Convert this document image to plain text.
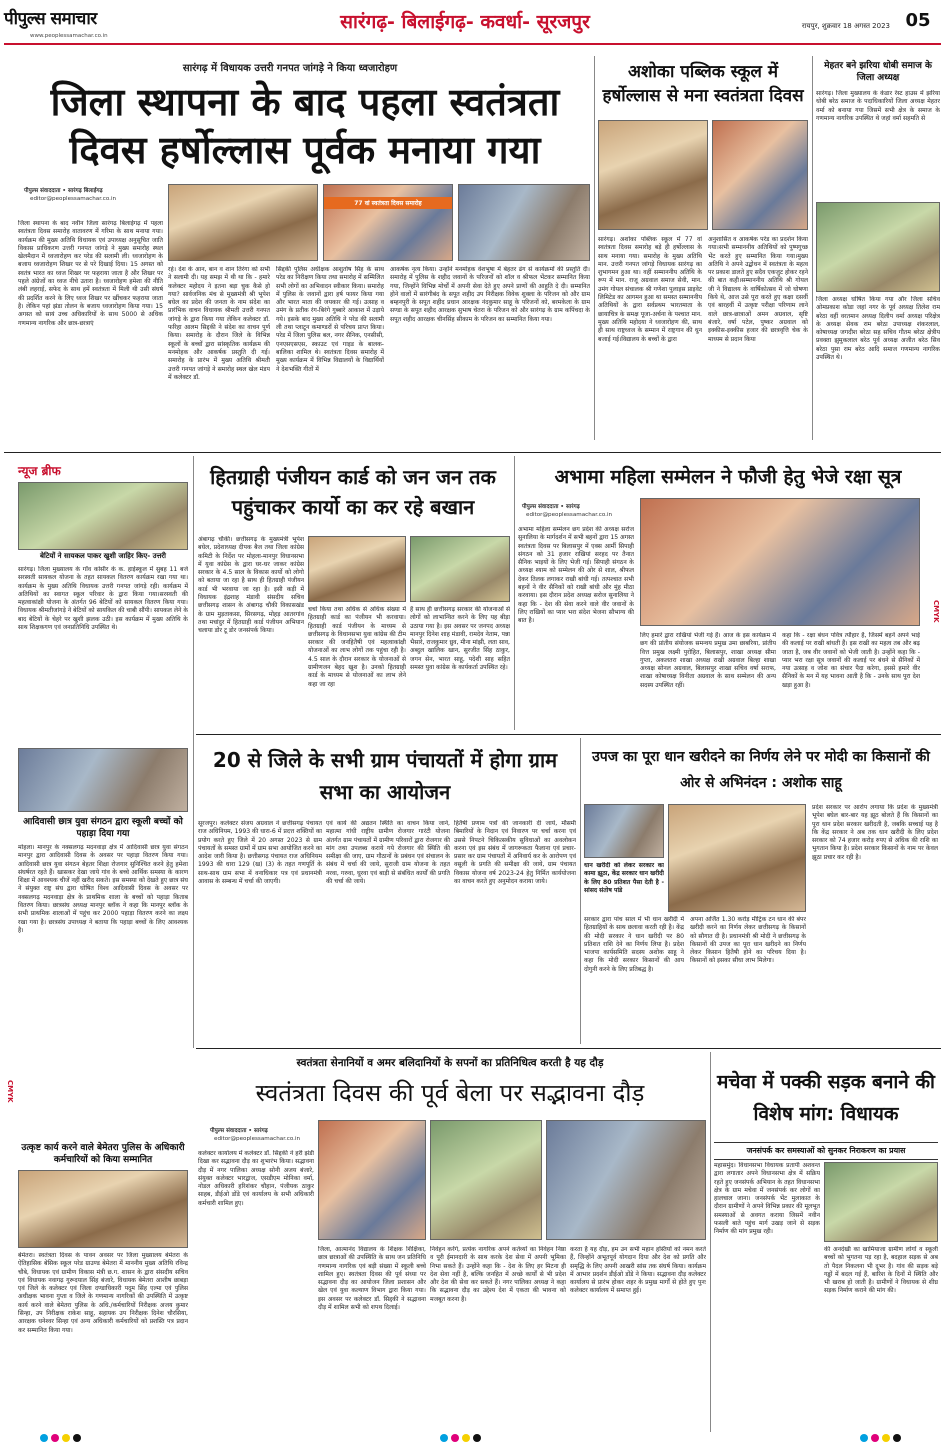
पीपुल्स समाचार
www.peoplessamachar.co.in
सारंगढ़- बिलाईगढ़- कवर्धा- सूरजपुर	रायपुर, शुक्रवार 18 अगस्त 2023 05
सारंगढ़ में विधायक उत्तरी गनपत जांगड़े ने किया ध्वजारोहण
जिला स्थापना के बाद पहला स्वतंत्रता दिवस हर्षोल्लास पूर्वक मनाया गया
पीपुल्स संवाददाता • सारंगढ़ बिलाईगढ़
editor@peoplessamachar.co.in
जिला स्थापना के बाद नवीन जिला सारंगढ़ बिलाईगढ़ में पहला स्वतंत्रता दिवस समारोह वातावरण में गरिमा के साथ मनाया गया। कार्यक्रम की मुख्य अतिथि विधायक एवं उपाध्यक्ष अनुसूचित जाति विकास प्राधिकरण उत्तरी गनपत जांगड़े ने मुख्य समारोह स्थल खेलमैदान में ध्वजारोहण कर परेड की सलामी ली। ध्वजारोहण के बजाय ध्वजारोहण शिखर पर से परे दिखाई दिया। 15 अगस्त को स्वतंत्र भारत का ध्वज शिखर पर फहराया जाता है और शिखर पर पहले अंग्रेजों का ध्वज नीचे उतारा है। ध्वजारोहण हमेशा की नीति लंबी लहराई, सफेद के साथ हमें स्वतंत्रता में मिली थी उसी संघर्ष की प्रदर्शित करने के लिए ध्वज शिखर पर खींचकर फहराया जाता है। लेकिन पहां झंडा तोलन के बजाय ध्वजारोहण किया गया। 15 अगस्त को सायं उच्च अधिकारियों के साथ 5000 से अधिक गणमान्य नागरिक और छात्र-छात्राएं
77 वां स्वतंत्रता दिवस समारोह
रहे। देश के आन, बान व शान तिरंगा को सभी ने सलामी दी। यह समझ में थी था कि - हमारे कलेक्टर महोदय ने इतना बड़ा चुक कैसे हो गया? सार्वजनिक मंच से मुख्यमंत्री श्री भूपेश बघेल का प्रदेश की जनता के नाम संदेश का प्रारंभिक वाचन विधायक श्रीमती उत्तरी गनपत जांगड़े के द्वारा किया गया लेकिन कलेक्टर डॉ. फरिहा आलम सिद्दकी ने संदेश का वाचन पूर्ण किया। समारोह के दौरान जिले के विभिन्न स्कूलों के बच्चों द्वारा सांस्कृतिक कार्यक्रम की मनमोहक और आकर्षक प्रस्तुति दी गई। समारोह के प्रारंभ में मुख्य अतिथि श्रीमती उत्तरी गनपत जांगड़े ने समारोह स्थल खेल मंडप में कलेक्टर डॉ.
सिद्दकी पुलिस अधीक्षक आशुतोष सिंह के साथ परेड का निरीक्षण किया तथा समारोह में सम्मिलित सभी लोगों का अभिवादन स्वीकार किया। समारोह में पुलिस के जवानों द्वारा हर्ष फायर किया गया और भारत माता की जयकार की गई। उत्साह व उमंग के प्रतीक रंग-बिरंगे गुब्बारे आकाश में उड़ाये गये। इसके बाद मुख्य अतिथि ने परेड की सलामी ली तथा प्लाटून कमाण्डरों से परिचय प्राप्त किया। परेड में जिला पुलिस बल, नगर सैनिक, एनसीसी, एनएसएसएस, स्काउट एवं गाइड के बालक-बालिका शामिल थे। स्वतंत्रता दिवस समारोह में मुख्य कार्यक्रम में विभिन्न विद्यालयों के विद्यार्थियों ने देशभक्ति गीतों में
आकर्षक नृत्य किया। उन्होंने मनमोहक वेशभूषा में बेहतर ढंग से कार्यक्रमों की प्रस्तुति दी। समारोह में पुलिस के शहीद जवानों के परिजनों को शॉल व श्रीफल भेंटकर सम्मानित किया गया, जिन्होंने विभिन्न मोर्चों में अपनी सेवा देते हुए अपने प्राणों की आहुति दे दी। सम्मानित होने वालों में सारंगीबंद के सपूत शहीद उप निरीक्षक विवेक शुक्ला के परिजन को और ग्राम बम्हनपुरी के सपूत शहीद प्रधान आरक्षक नंदकुमार साहू के परिजनों को, बरमकेला के ग्राम सण्डा के सपूत शहीद आरक्षक सुभाष चेतरा के परिजन को और सारंगढ़ के ग्राम कपिंचदा के सपूत शहीद आरक्षक चीनसिंह सीकाम के परिजन का सम्मानित किया गया।
अशोका पब्लिक स्कूल में हर्षोल्लास से मना स्वतंत्रता दिवस
सारंगढ़। अशोका पब्लिक स्कूल में 77 वां स्वतंत्रता दिवस समारोह बड़े ही हर्षोल्लास के साथ मनाया गया। समारोह के मुख्य अतिथि मान. उत्तरी गनपत जांगड़े विधायक सारंगढ़ का शुभागमन हुआ था। वहीं सम्माननीय अतिथि के रूप में मान. राजू अग्रवाल समाज सेवी, मान. उमंग गोयल संचालक श्री गणेशा पुलाइस प्राइवेट लिमिटेड का आगमन हुआ था समस्त सम्माननीय अतिथियों के द्वारा सर्वप्रथम भारतमाता के छायाचित्र के समक्ष पूजा-अर्चना के पश्चात मान. मुख्य अतिथि महोदया ने ध्वजारोहण की, साथ ही साथ राष्ट्रध्वज के सम्मान में राष्ट्रगान की धुन बजाई गई।विद्यालय के बच्चों के द्वारा
अनुशासित व आकर्षक परेड का प्रदर्शन किया गया।सभी सम्माननीय अतिथियों को पुष्पगुच्छ भेंट करते हुए सम्मानित किया गया।मुख्य अतिथि ने अपने उद्बोधन में स्वतंत्रता के महत्व पर प्रकाश डालते हुए सदैव एकजुट होकर रहने की बात कही।सम्माननीय अतिथि श्री गोयल जी ने विद्यालय के वार्षिकोत्सव में जो घोषणा किये थे, आज उसे पूरा करते हुए कक्षा दसवीं एवं बारहवीं में उत्कृष्ट परीक्षा परिणाम लाने वाले छात्र-छात्राओं अमन अग्रवाल, सृष्टि बंजारे, वर्षा पटेल, पुष्कर अग्रवाल को इक्कीस-इक्कीस हजार की छात्रवृत्ति चेक के माध्यम से प्रदान किया
मेहतर बने झरिया धोबी समाज के जिला अध्यक्ष
सारंगढ़। जिला मुख्यालय के केडार रेस्ट हाउस में झरिया धोबी बरेठ समाज के पदाधिकारियों जिला अध्यक्ष मेहतर वर्मा को बनाया गया जिसमें सभी क्षेत्र के समाज के गणमान्य नागरिक उपस्थित थे जहां वर्मा सहमति से
जिला अध्यक्ष घोषित किया गया और जिला सचिव ओमप्रकाश कोडा जहां नगर के पूर्व अध्यक्ष तिलेश राम बरेठा वहीं वरतमान अध्यक्ष दिलीप वर्मा अध्यक्ष परिक्षेत्र के अध्यक्ष सेवक राम बरेठा उपाध्यक्ष शंकरलाल, कोषाध्यक्ष जगदीश बरेठा सह सचिव गौतम बरेठा क्षेत्रीय प्रवक्ता झुमुकलाल बरेठ पूर्व अध्यक्ष अजीत बरेठ सिव बरेठा पुसा राम बरेठ आदि समाज गणमान्य नागरिक उपस्थित थे।
न्यूज ब्रीफ
बेटियों ने सायकल पाकर खुशी जाहिर किए- उत्तरी
सारंगढ़। जिला मुख्यालय के गाँव कोसीर के क. हाईस्कूल में सुबह 11 बजे सरस्वती सायकल योजना के तहत सायकल वितरण कार्यक्रम रखा गया था। कार्यक्रम के मुख्य अतिथि विधायक उत्तरी गनपत जांगड़े रही। कार्यक्रम में अतिथियों का स्वागत स्कूल परिवार के द्वारा किया गया।सरस्वती की महत्वाकांक्षी योजना के अंतर्गत 96 बेटियों को सायकल वितरण किया गया। विधायक श्रीमतीजांगड़े ने बेटियों को सायकिल की चाबी सौंपी। सायकल लेने के बाद बेटियों के चेहरे पर खुशी झलक उठी। इस कार्यक्रम में मुख्य अतिथि के साथ शिक्षकगण एवं जनप्रतिनिधि उपस्थित थे।
आदिवासी छात्र युवा संगठन द्वारा स्कूली बच्चों को पहाड़ा दिया गया
मोहला। मानपुर के नक्सलगढ़ मदनवाड़ा क्षेत्र में आदिवासी छात्र युवा संगठन मानपुर द्वारा आदिवासी दिवस के अवसर पर पहाड़ा वितरण किया गया। आदिवासी छात्र युवा संगठन बेहतर शिक्षा रोजगार सुनिश्चित करने हेतु हमेशा संघर्षरत रहते हैं। खासकर देखा जाये गांव के बच्चे आर्थिक समस्या के कारण शिक्षा में आवश्यक चीजें नहीं खरीद सकते। इस समस्या को देखते हुए छात्र संघ ने संयुक्त राष्ट्र संघ द्वारा घोषित विश्व आदिवासी दिवस के अवसर पर नक्सलगढ़ मदनवाड़ा क्षेत्र के प्राथमिक शाला के बच्चों को पहाड़ा किताब वितरण किया। छात्रसंघ अध्यक्ष मानपुर ब्लॉक ने कहा कि मानपुर ब्लॉक के सभी प्राथमिक शालाओं में पहुंच कर 2000 पहाड़ा वितरण करने का लक्ष्य रखा गया है। छात्रसंघ उपाध्यक्ष ने बताया कि पहाड़ा बच्चों के लिए आवश्यक है।
हितग्राही पंजीयन कार्ड को जन जन तक पहुंचाकर कार्यो का कर रहे बखान
अंबागढ़ चौकी। छत्तीसगढ़ के मुख्यमंत्री भूपेश बघेल, प्रदेशाध्यक्ष दीपक बैज तथा जिला कांग्रेस कमिटी के निर्देश पर मोहला-मानपुर विधानसभा में युवा कांग्रेस के द्वारा घर-घर जाकर कांग्रेस सरकार के 4.5 साल के विकास कार्यो को लोगो को बताया जा रहा है साथ ही हितग्राही पंजीयन कार्ड भी भरवाया जा रहा है। इसी कड़ी में विधायक इंद्रशाह मंडावी संसदीय सचिव छत्तीसगढ़ शासन के अंबागढ़ चौकी विकासखंड के ग्राम मुड़ताकसा, सिरसगढ़, मोहड़ आतरगांव तथा मचांदुर में हितग्राही कार्ड पंजीयन अभियान चलाया डोर टू डोर जनसंपर्क किया।
चर्चा किया तथा अधिक से अधिक संख्या में हितग्राही कार्ड का पंजीयन भी करवाया। हितग्राही कार्ड पंजीयन के माध्यम से छत्तीसगढ़ के विधानसभा युवा कांग्रेस की टीम सरकार की जनहितैषी एवं महत्वाकांक्षी योजनाओं का लाभ लोगों तक पहुंचा रही है। 4.5 साल के दौरान सरकार के योजनाओं से ग्रामीणजन बेहद खुश है। उनको हितग्राही कार्ड के माध्यम से योजनाओं का लाभ लेने कहा जा रहा
है साथ ही छत्तीसगढ़ सरकार की योजनाओं से लोगों को लाभान्वित करने के लिए यह बीड़ा उठाया गया है। इस अवसर पर जनपद अध्यक्ष मानपुर दिनेश शाह मंडावी, रामदेव नेताम, पन्ना भैसारे, राजकुमार ध्रुव, मीना मांझी, लता साव, अब्दुल खालिक खान, सुरजीत सिंह ठाकुर, जगन सेन, भारत साहू, पदेशी साह सहित समस्त युवा कांग्रेस के कार्यकर्ता उपस्थित रहे।
अभामा महिला सम्मेलन ने फौजी हेतु भेजे रक्षा सूत्र
पीपुल्स संवाददाता • सारंगढ़
editor@peoplessamachar.co.in
अभामा महिला सम्मेलन छग प्रदेश की अध्यक्ष सरोज सुनालिया के मार्गदर्शन में सभी बहनों द्वारा 15 अगस्त स्वतंत्रता दिवस पर बिलासपुर में एक्स आर्मी सिपाही संगठन को 31 हजार राखियां सरहद पर तैनात सैनिक भाइयों के लिए भेजी गई। सिपाही संगठन के अध्यक्ष श्याम को सम्मेलन की ओर से शाल, श्रीफल देकर तिलक लगाकर राखी बांधी गई। तत्पश्चात सभी बहनों ने वीर सैनिकों को राखी बांधी और मुंह मीठा करवाया। इस दौरान प्रदेश अध्यक्ष सरोज सुनालिया ने कहा कि - देश की सेवा करने वाले वीर जवानों के लिए राखियों का प्यार भरा संदेश भेजना सौभाग्य की बात है।
लिए हमारे द्वारा राखियां भेजी गई हैं। आज के इस कार्यक्रम में छग की प्रांतीय संयोजक समन्वय प्रमुख उमा छाबरिया, प्रांतीय वित्त प्रमुख लक्ष्मी पुरोहित, बिलासपुर, शाखा अध्यक्ष सीमा गुप्ता, अकलतरा शाखा अध्यक्ष राखी अग्रवाल बिल्हा शाखा अध्यक्ष सोनल अग्रवाल, बिलासपुर शाखा सचिव वर्षा सराफ, शाखा कोषाध्यक्ष विनीता अग्रवाल के साथ सम्मेलन की अन्य सदस्य उपस्थित रहीं।
कहा कि - रक्षा बंधन पवित्र त्यौहार है, जिसमें बहनें अपने भाई की कलाई पर राखी बांधती हैं। इस राखी का महत्व तब और बढ़ जाता है, जब वीर जवानों को भेजी जाती है। उन्होंने कहा कि - प्यार भरा रक्षा सूत्र जवानों की कलाई पर बंधने से सैनिकों में नया उत्साह व जोश का संचार पैदा करेगा, इससे हमारे वीर सैनिकों के मन में यह भावना आती है कि - उनके साथ पूरा देश खड़ा हुआ है।
20 से जिले के सभी ग्राम पंचायतों में होगा ग्राम सभा का आयोजन
सूरजपुर। कलेक्टर संजय अग्रवाल ने छत्तीसगढ़ पंचायत राज अधिनियम, 1993 की धारा-6 में प्रदत्त शक्तियों का प्रयोग करते हुए जिले में 20 अगस्त 2023 से ग्राम पंचायतों के समस्त ग्रामों में ग्राम सभा आयोजित करने का आदेश जारी किया है। छत्तीसगढ़ पंचायत राज अधिनियम 1993 की धारा 129 (ख) (3) के तहत गणपूर्ति के साथ-साथ ग्राम सभा में वनाधिकार पत्र एवं प्रधानमंत्री आवास के सम्बन्ध में चर्चा की जाएगी।
एवं कार्य की अद्यतन स्थिति का वाचन किया जाने, महात्मा गांधी राष्ट्रीय ग्रामीण रोजगार गारंटी योजना अंतर्गत ग्राम पंचायतों में ग्रामीण परिवारों द्वारा रोजगार की मांग तथा उपलब्ध कराये गये रोजगार की स्थिति की समीक्षा की जाए, ग्राम गौठानों के प्रबंधन एवं संचालन के संबंध में चर्चा की जाये, सुराजी ग्राम योजना के तहत नरवा, गरुवा, घुरवा एवं बाड़ी से संबंधित कार्यों की प्रगति की चर्चा की जाये।
हितैषी प्रणाम पत्रों की जानकारी दी जाये, मौसमी बिमारियों के निदान एवं निवारण पर चर्चा करना एवं उससे निपटने चिकित्सकीय सुविधाओं का अवलोकन करना एवं इस संबंध में जागरूकता फैलाना एवं प्रचार-प्रसार कर ग्राम पंचायतों में अनिवार्य कर के आरोपण एवं वसूली के प्रगति की समीक्षा की जाये, ग्राम पंचायत विकास योजना वर्ष 2023-24 हेतु निर्मित कार्ययोजना का वाचन करते हुए अनुमोदन कराया जाये।
उपज का पूरा धान खरीदने का निर्णय लेने पर मोदी का किसानों की ओर से अभिनंदन : अशोक साहू
धान खरीदी को लेकर सरकार का कामा झूठा, केंद्र सरकार धान खरीदी के लिए 80 प्रतिशत पैसा देती है - सांसद संतोष पांडे
सरकार द्वारा पांच साल में भी धान खरीदी में हितग्राहियों के साथ छलावा करती रही है। केंद्र की मोदी सरकार ने धान खरीदी पर 80 प्रतिशत राशि देने का निर्णय लिया है। प्रदेश भाजपा कार्यसमिति सदस्य अशोक साहू ने कहा कि मोदी सरकार किसानों की आय दोगुनी करने के लिए प्रतिबद्ध है।
अपना अर्जित 1.30 करोड़ मीट्रिक टन धान की बंपर खरीदी करने का निर्णय लेकर छत्तीसगढ़ के किसानों को सौगात दी है। प्रधानमंत्री श्री मोदी ने छत्तीसगढ़ के किसानों की उपज का पूरा धान खरीदने का निर्णय लेकर किसान हितैषी होने का परिचय दिया है। किसानों को इसका सीधा लाभ मिलेगा।
प्रदेश सरकार पर आरोप लगाया कि प्रदेश के मुख्यमंत्री भूपेश बघेल बार-बार यह झूठ बोलते हैं कि किसानों का पूरा धान प्रदेश सरकार खरीदती है, जबकि सच्चाई यह है कि केंद्र सरकार ने अब तक धान खरीदी के लिए प्रदेश सरकार को 74 हजार करोड़ रुपए से अधिक की राशि का भुगतान किया है। प्रदेश सरकार किसानों के नाम पर केवल झूठा प्रचार कर रही है।
स्वतंत्रता सेनानियों व अमर बलिदानियों के सपनों का प्रतिनिधित्व करती है यह दौड़
स्वतंत्रता दिवस की पूर्व बेला पर सद्भावना दौड़
पीपुल्स संवाददाता • सारंगढ़
editor@peoplessamachar.co.in
कलेक्टर कार्यालय में कलेक्टर डॉ. सिद्दकी ने हरी झंडी दिखा कर सद्भावना दौड़ का शुभारंभ किया। सद्भावना दौड़ में नगर पालिका अध्यक्ष सोनी अजय बंजारे, संयुक्त कलेक्टर भारद्वाज, एसडीएम मोनिका वर्मा, नोडल अधिकारी हरिशंकर चौहान, पंजीयक ठाकुर साहब, डीईओ डोंडे एवं कार्यालय के सभी अधिकारी कर्मचारी शामिल हुए।
जिला, आत्मानंद विद्यालय के शिक्षक शिक्षिका, छात्र छात्राओं की उपस्थिति के साथ जन प्रतिनिधि गणमान्य नागरिक एवं बड़ी संख्या में स्कूली बच्चे शामिल हुए। स्वतंत्रता दिवस की पूर्व संध्या पर सद्भावना दौड़ का आयोजन जिला प्रशासन और खेल एवं युवा कल्याण विभाग द्वारा किया गया। इस अवसर पर कलेक्टर डॉ. सिद्दकी ने सद्भावना दौड़ में शामिल सभी को शपथ दिलाई।
निर्वहन करेंगे, प्रत्येक नागरिक अपने कर्तव्यों का निर्वहन निष्ठा व पूरी ईमानदारी के साथ करके देश सेवा में अपनी भूमिका निभा सकते हैं। उन्होंने कहा कि - देश के लिए हर मिटना ही देश सेवा नहीं है, बल्कि जनहित में अच्छे कार्यों से भी प्रदेश और देश की सेवा कर सकते हैं। नगर पालिका अध्यक्ष ने कहा कि सद्भावना दौड़ का उद्देश्य देश में एकता की भावना को मजबूत करना है।
करता है यह दौड़, हम उन सभी महान हस्तियों को नमन करते हैं, जिन्होंने अभूतपूर्व योगदान दिया और देश को प्रगति और समृद्धि के लिए अपनी आखरी सांस तक संघर्ष किया। कार्यक्रम में आभार प्रदर्शन डीईओ डोंडे ने किया। सद्भावना दौड़ कलेक्टर कार्यालय से प्रारंभ होकर शहर के प्रमुख मार्गों से होते हुए पुनः कलेक्टर कार्यालय में समाप्त हुई।
उत्कृष्ट कार्य करने वाले बेमेतरा पुलिस के अधिकारी कर्मचारियों को किया सम्मानित
बेमेतरा। स्वतंत्रता दिवस के पावन अवसर पर जिला मुख्यालय बेमेतरा के ऐतिहासिक बेसिक स्कूल परेड ग्राउण्ड बेमेतरा में माननीय मुख्य अतिथि रविन्द्र चौबे, विधायक एवं ग्रामीण विकास मंत्री छ.ग. शासन के द्वारा संसदीय सचिव एवं विधायक नवागढ़ गुरूदयाल सिंह बंजारे, विधायक बेमेतरा आशीष छाबड़ा एवं जिले के कलेक्टर एवं जिला दण्डाधिकारी पदुम सिंह एल्मा एवं पुलिस अधीक्षक भावना गुप्ता व जिले के गणमान्य नागरिकों की उपस्थिति में उत्कृष्ट कार्य करने वाले बेमेतरा पुलिस के अधि./कर्मचारियों निरीक्षक अजय कुमार सिन्हा, उप निरीक्षक राकेश साहू, सहायक उप निरीक्षक दिनेश चौरसिया, आरक्षक धनेश्वर सिन्हा एवं अन्य अधिकारी कर्मचारियों को प्रशस्ति पत्र प्रदान कर सम्मानित किया गया।
मचेवा में पक्की सड़क बनाने की विशेष मांग: विधायक
जनसंपर्क कर समस्याओं को सुनकर निराकरण का प्रयास
महासमुंद। विधानसभा विधायक प्रतापी अशवन्त द्वारा लगातार अपने विधानसभा क्षेत्र में सक्रिय रहते हुए जनसंपर्क अभियान के तहत विधानसभा क्षेत्र के ग्राम मचेवा में जनसंपर्क कर लोगों का हालचाल जाना। जनसंपर्क भेंट मुलाकात के दौरान ग्रामीणों ने अपने विभिन्न प्रकार की मूलभूत समस्याओं से अवगत कराया जिसमें नवीन फसली बाते पहुंच मार्ग उखड़ जाने से सड़क निर्माण की मांग प्रमुख रही।
की अनदेखी का खामियाजा ग्रामीण लोगों व स्कूली बच्चों को भुगतना पड़ रहा है, बदहाल सड़क से अब तो पैदल निकलना भी दूभर है। गांव की सड़क बड़े गड्ढों में बदल गई हैं, बारिश के दिनों में स्थिति और भी खराब हो जाती है। ग्रामीणों ने विधायक से शीघ्र सड़क निर्माण कराने की मांग की।
CMYK
CMYK
